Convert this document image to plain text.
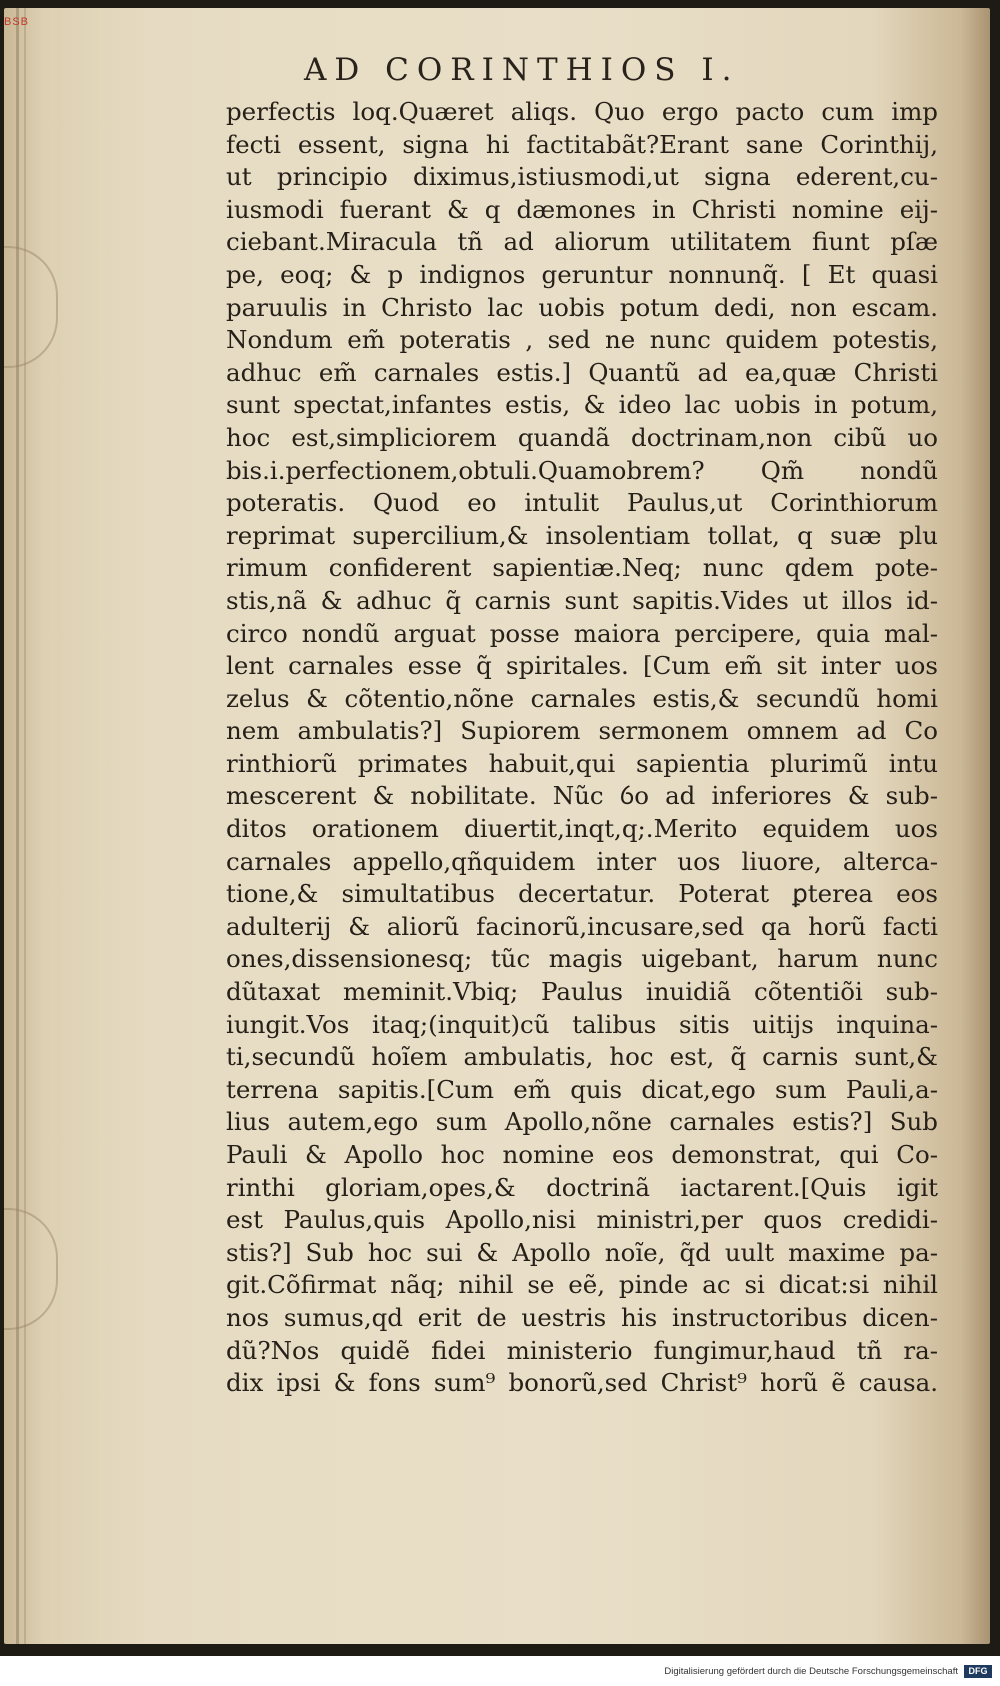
AD CORINTHIOS I.
perfectis loq.Quæret aliqs. Quo ergo pacto cum imp
fecti essent, signa hi factitabãt?Erant sane Corinthij,
ut principio diximus,istiusmodi,ut signa ederent,cu-
iusmodi fuerant & q dæmones in Christi nomine eij-
ciebant.Miracula tñ ad aliorum utilitatem fiunt pſæ
pe, eoq; & p indignos geruntur nonnunq̃. [ Et quasi
paruulis in Christo lac uobis potum dedi, non escam.
Nondum em̃ poteratis , sed ne nunc quidem potestis,
adhuc em̃ carnales estis.] Quantũ ad ea,quæ Christi
sunt spectat,infantes estis, & ideo lac uobis in potum,
hoc est,simpliciorem quandã doctrinam,non cibũ uo
bis.i.perfectionem,obtuli.Quamobrem? Qm̃ nondũ
poteratis. Quod eo intulit Paulus,ut Corinthiorum
reprimat supercilium,& insolentiam tollat, q suæ plu
rimum confiderent sapientiæ.Neq; nunc qdem pote-
stis,nã & adhuc q̃ carnis sunt sapitis.Vides ut illos id-
circo nondũ arguat posse maiora percipere, quia mal-
lent carnales esse q̃ spiritales. [Cum em̃ sit inter uos
zelus & cõtentio,nõne carnales estis,& secundũ homi
nem ambulatis?] Supiorem sermonem omnem ad Co
rinthiorũ primates habuit,qui sapientia plurimũ intu
mescerent & nobilitate. Nũc ỽo ad inferiores & sub-
ditos orationem diuertit,inqt,q;.Merito equidem uos
carnales appello,qñquidem inter uos liuore, alterca-
tione,& simultatibus decertatur. Poterat ꝑterea eos
adulterij & aliorũ facinorũ,incusare,sed qa horũ facti
ones,dissensionesq; tũc magis uigebant, harum nunc
dũtaxat meminit.Vbiq; Paulus inuidiã cõtentiõi sub-
iungit.Vos itaq;(inquit)cũ talibus sitis uitijs inquina-
ti,secundũ hoĩem ambulatis, hoc est, q̃ carnis sunt,&
terrena sapitis.[Cum em̃ quis dicat,ego sum Pauli,a-
lius autem,ego sum Apollo,nõne carnales estis?] Sub
Pauli & Apollo hoc nomine eos demonstrat, qui Co-
rinthi gloriam,opes,& doctrinã iactarent.[Quis igit
est Paulus,quis Apollo,nisi ministri,per quos credidi-
stis?] Sub hoc sui & Apollo noĩe, q̃d uult maxime pa-
git.Cõfirmat nãq; nihil se eẽ, pinde ac si dicat:si nihil
nos sumus,qd erit de uestris his instructoribus dicen-
dũ?Nos quidẽ fidei ministerio fungimur,haud tñ ra-
dix ipsi & fons sum⁹ bonorũ,sed Christ⁹ horũ ẽ causa.
BSB
Digitalisierung gefördert durch die Deutsche Forschungsgemeinschaft	DFG
